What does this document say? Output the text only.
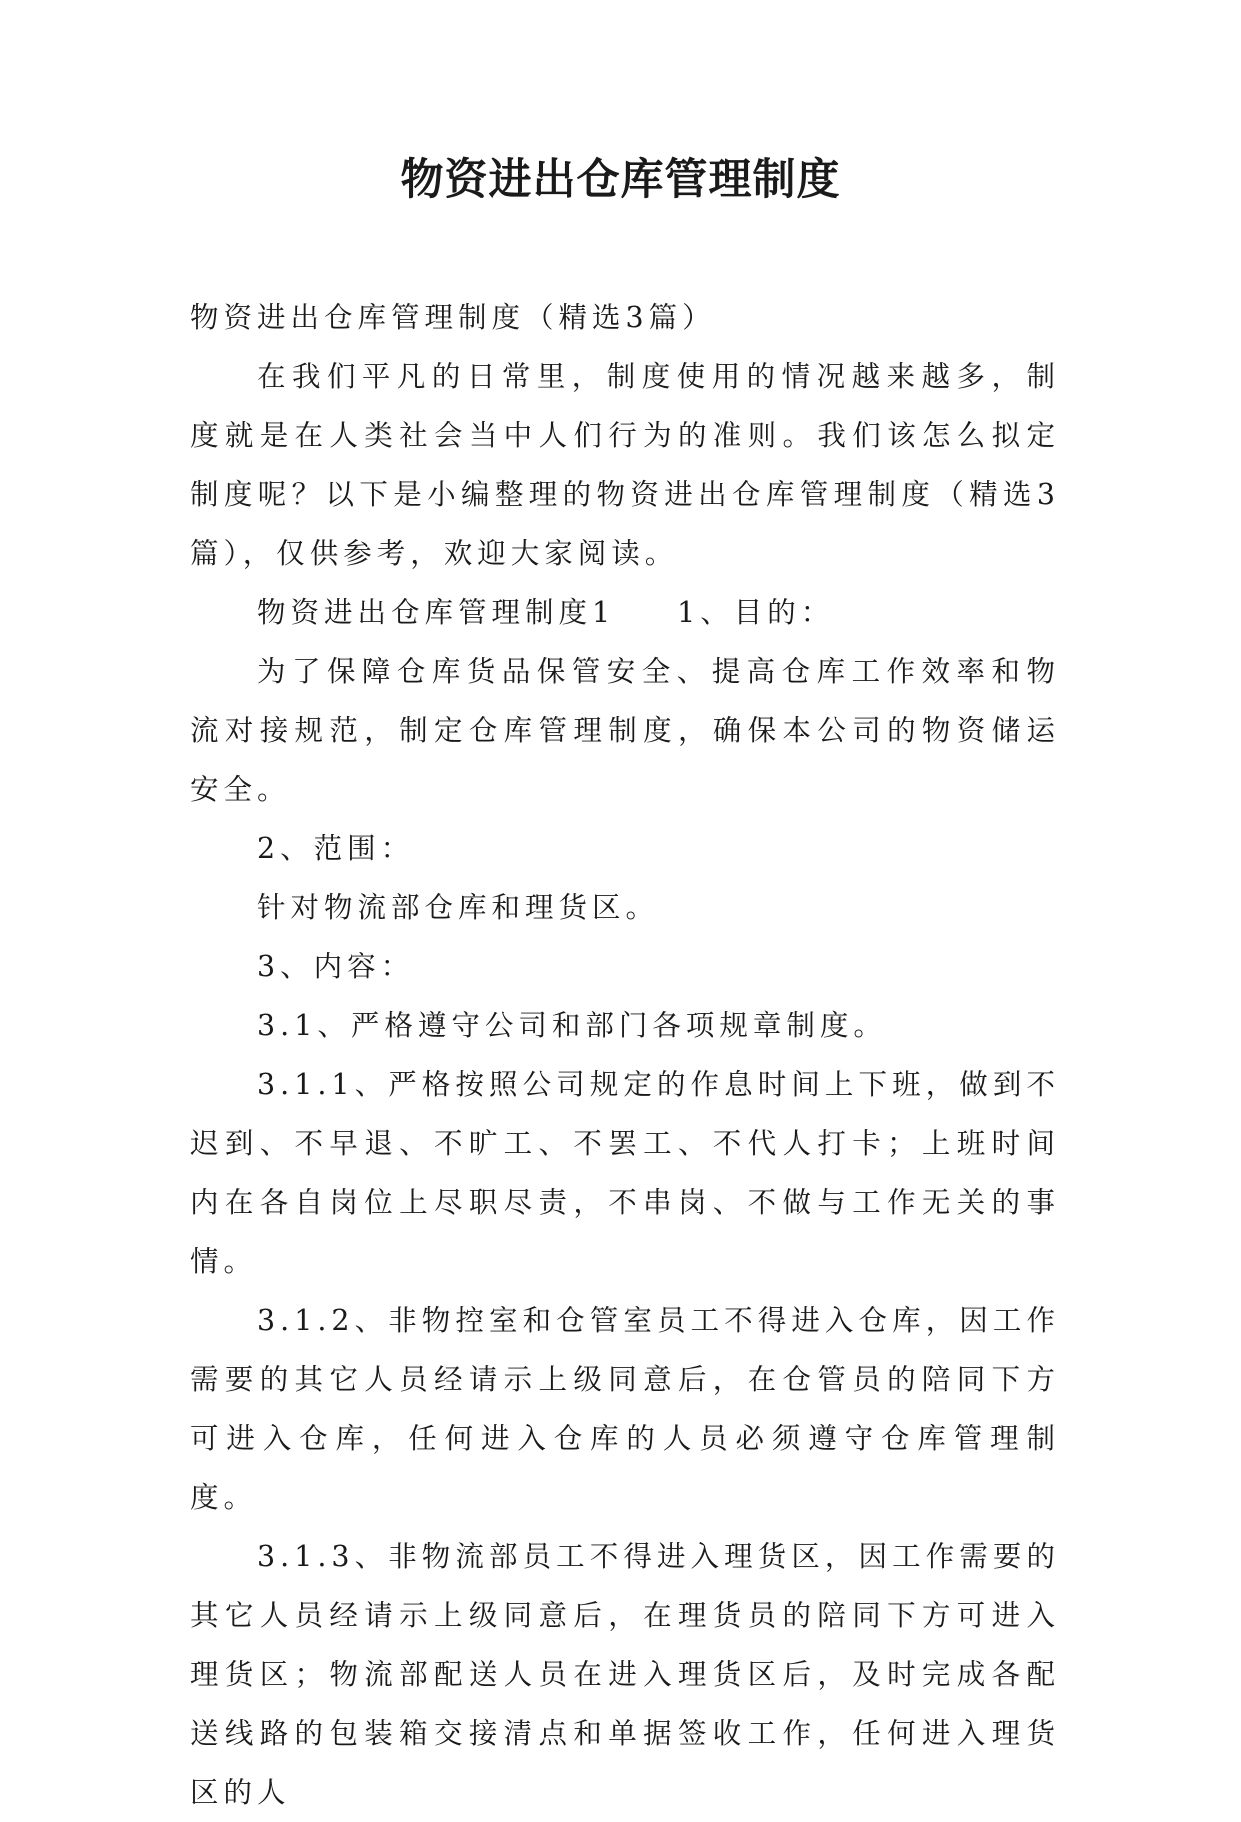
物资进出仓库管理制度

物资进出仓库管理制度（精选3篇）

在我们平凡的日常里，制度使用的情况越来越多，制度就是在人类社会当中人们行为的准则。我们该怎么拟定制度呢？以下是小编整理的物资进出仓库管理制度（精选3篇），仅供参考，欢迎大家阅读。

物资进出仓库管理制度1 1、目的：

为了保障仓库货品保管安全、提高仓库工作效率和物流对接规范，制定仓库管理制度，确保本公司的物资储运安全。

2、范围：

针对物流部仓库和理货区。

3、内容：

3.1、严格遵守公司和部门各项规章制度。

3.1.1、严格按照公司规定的作息时间上下班，做到不迟到、不早退、不旷工、不罢工、不代人打卡；上班时间内在各自岗位上尽职尽责，不串岗、不做与工作无关的事情。

3.1.2、非物控室和仓管室员工不得进入仓库，因工作需要的其它人员经请示上级同意后，在仓管员的陪同下方可进入仓库，任何进入仓库的人员必须遵守仓库管理制度。

3.1.3、非物流部员工不得进入理货区，因工作需要的其它人员经请示上级同意后，在理货员的陪同下方可进入理货区；物流部配送人员在进入理货区后，及时完成各配送线路的包装箱交接清点和单据签收工作，任何进入理货区的人
